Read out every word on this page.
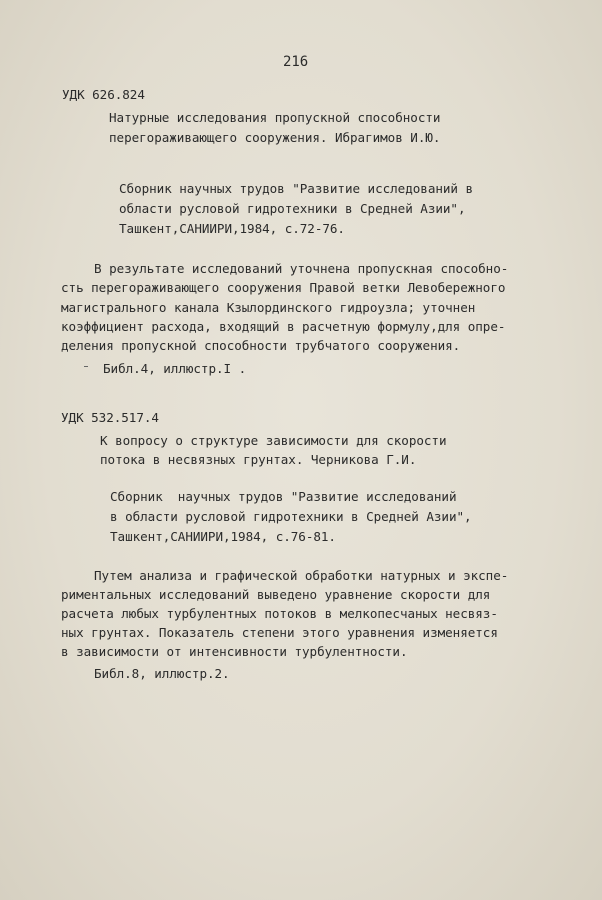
216
УДК 626.824
Натурные исследования пропускной способности
перегораживающего сооружения. Ибрагимов И.Ю.
Сборник научных трудов "Развитие исследований в
области русловой гидротехники в Средней Азии",
Ташкент,САНИИРИ,1984, с.72-76.
В результате исследований уточнена пропускная способно-
сть перегораживающего сооружения Правой ветки Левобережного
магистрального канала Кзылординского гидроузла; уточнен
коэффициент расхода, входящий в расчетную формулу,для опре-
деления пропускной способности трубчатого сооружения.
Библ.4, иллюстр.I .
УДК 532.517.4
К вопросу о структуре зависимости для скорости
потока в несвязных грунтах. Черникова Г.И.
Сборник  научных трудов "Развитие исследований
в области русловой гидротехники в Средней Азии",
Ташкент,САНИИРИ,1984, с.76-81.
Путем анализа и графической обработки натурных и экспе-
риментальных исследований выведено уравнение скорости для
расчета любых турбулентных потоков в мелкопесчаных несвяз-
ных грунтах. Показатель степени этого уравнения изменяется
в зависимости от интенсивности турбулентности.
Библ.8, иллюстр.2.
